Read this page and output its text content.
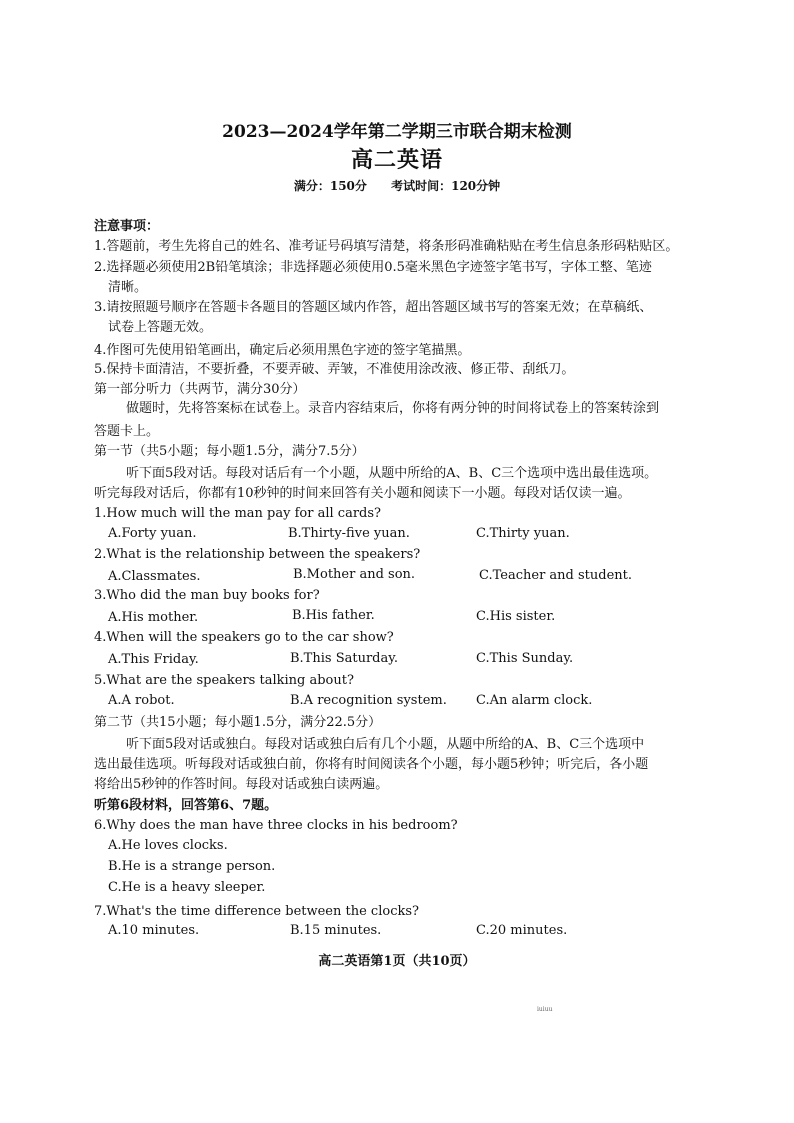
2023—2024学年第二学期三市联合期末检测
高二英语
满分：150分 考试时间：120分钟
注意事项：
1.答题前，考生先将自己的姓名、准考证号码填写清楚，将条形码准确粘贴在考生信息条形码粘贴区。
2.选择题必须使用2B铅笔填涂；非选择题必须使用0.5毫米黑色字迹签字笔书写，字体工整、笔迹
清晰。
3.请按照题号顺序在答题卡各题目的答题区域内作答，超出答题区域书写的答案无效；在草稿纸、
试卷上答题无效。
4.作图可先使用铅笔画出，确定后必须用黑色字迹的签字笔描黑。
5.保持卡面清洁，不要折叠，不要弄破、弄皱，不准使用涂改液、修正带、刮纸刀。
第一部分听力（共两节，满分30分）
做题时，先将答案标在试卷上。录音内容结束后，你将有两分钟的时间将试卷上的答案转涂到
答题卡上。
第一节（共5小题；每小题1.5分，满分7.5分）
听下面5段对话。每段对话后有一个小题，从题中所给的A、B、C三个选项中选出最佳选项。
听完每段对话后，你都有10秒钟的时间来回答有关小题和阅读下一小题。每段对话仅读一遍。
1.How much will the man pay for all cards?
A.Forty yuan.	B.Thirty-five yuan.	C.Thirty yuan.
2.What is the relationship between the speakers?
A.Classmates.	B.Mother and son.	C.Teacher and student.
3.Who did the man buy books for?
A.His mother.	B.His father.	C.His sister.
4.When will the speakers go to the car show?
A.This Friday.	B.This Saturday.	C.This Sunday.
5.What are the speakers talking about?
A.A robot.	B.A recognition system. C.An alarm clock.
第二节（共15小题；每小题1.5分，满分22.5分）
听下面5段对话或独白。每段对话或独白后有几个小题，从题中所给的A、B、C三个选项中
选出最佳选项。听每段对话或独白前，你将有时间阅读各个小题，每小题5秒钟；听完后，各小题
将给出5秒钟的作答时间。每段对话或独白读两遍。
听第6段材料，回答第6、7题。
6.Why does the man have three clocks in his bedroom?
A.He loves clocks.
B.He is a strange person.
C.He is a heavy sleeper.
7.What's the time difference between the clocks?
A.10 minutes.	B.15 minutes.	C.20 minutes.
高二英语第1页（共10页）
iuiuu
